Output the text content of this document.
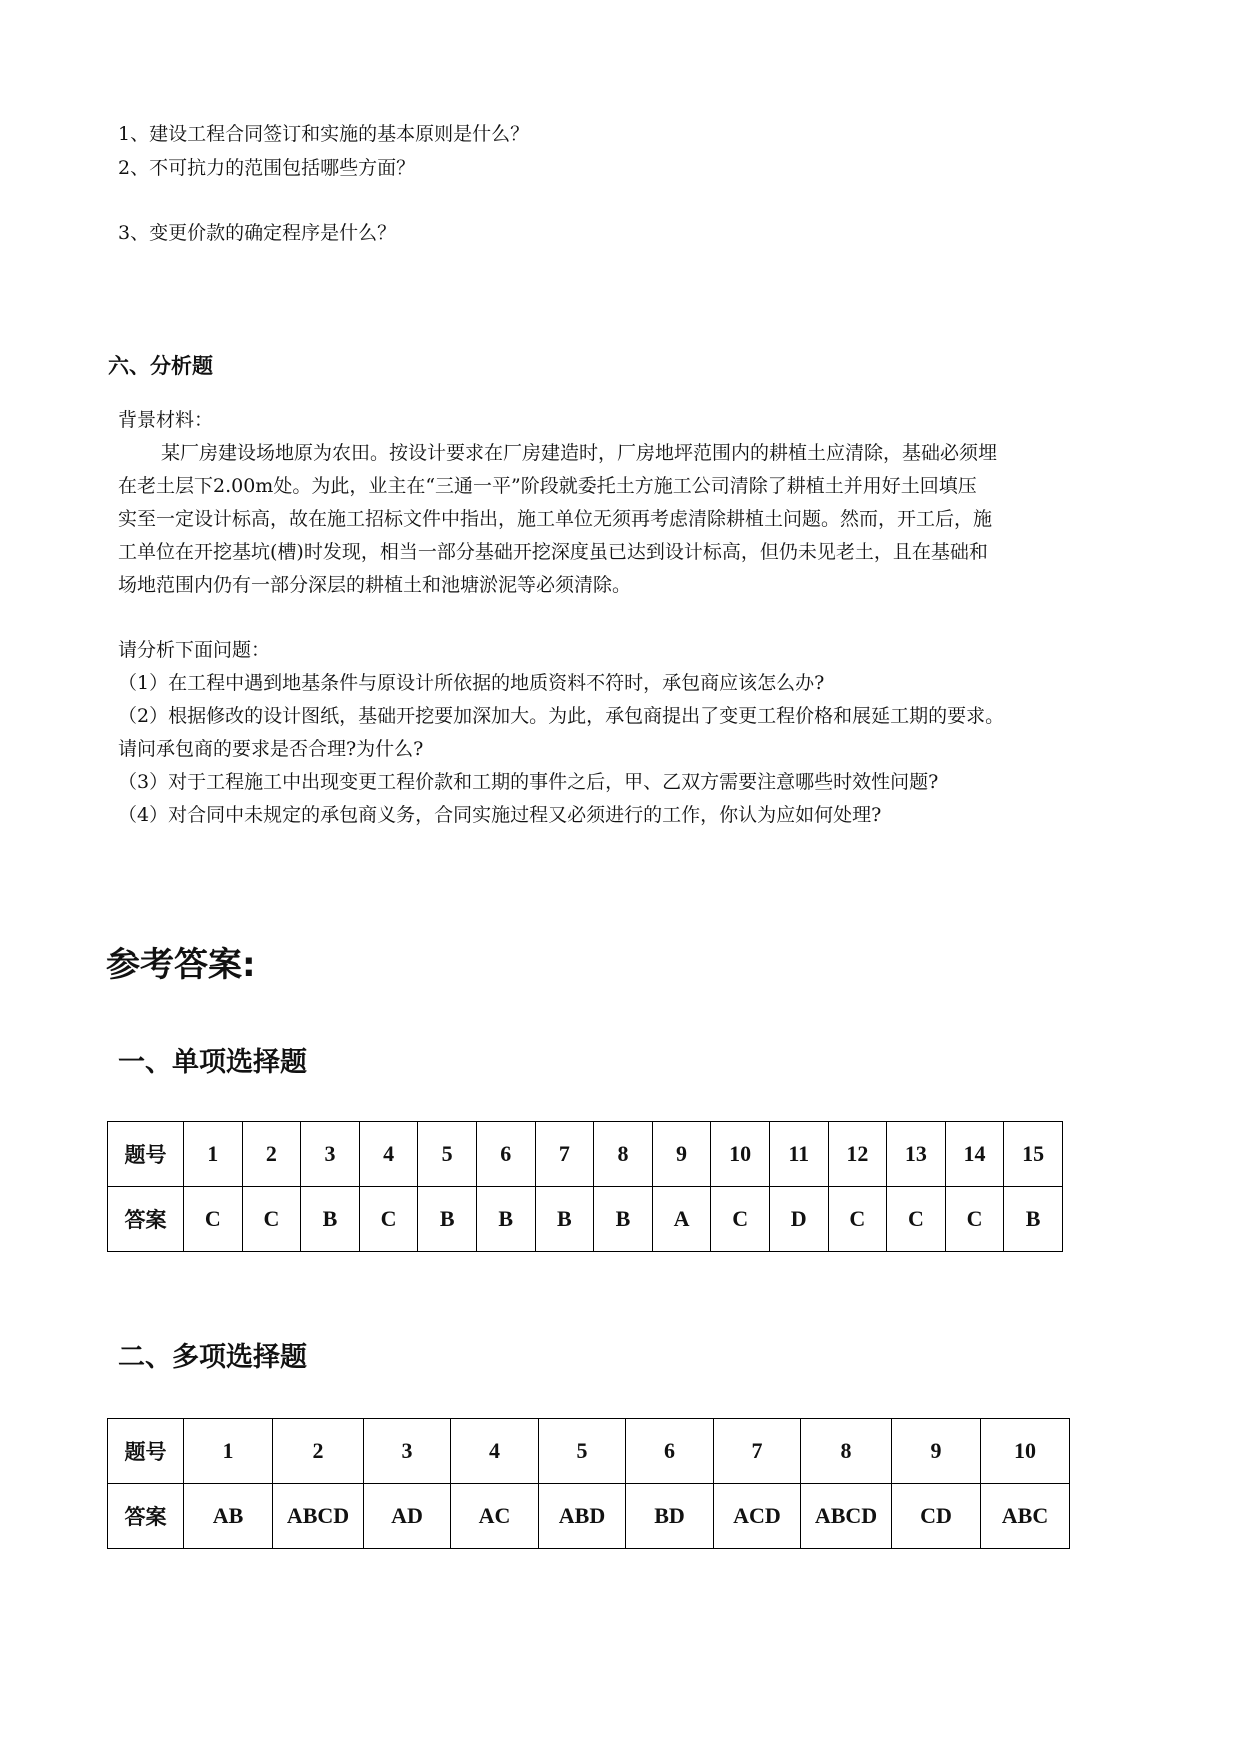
1、建设工程合同签订和实施的基本原则是什么？
2、不可抗力的范围包括哪些方面？
3、变更价款的确定程序是什么？
六、分析题
背景材料：
某厂房建设场地原为农田。按设计要求在厂房建造时，厂房地坪范围内的耕植土应清除，基础必须埋
在老土层下2.00m处。为此，业主在“三通一平”阶段就委托土方施工公司清除了耕植土并用好土回填压
实至一定设计标高，故在施工招标文件中指出，施工单位无须再考虑清除耕植土问题。然而，开工后，施
工单位在开挖基坑(槽)时发现，相当一部分基础开挖深度虽已达到设计标高，但仍未见老土，且在基础和
场地范围内仍有一部分深层的耕植土和池塘淤泥等必须清除。
请分析下面问题：
（1）在工程中遇到地基条件与原设计所依据的地质资料不符时，承包商应该怎么办?
（2）根据修改的设计图纸，基础开挖要加深加大。为此，承包商提出了变更工程价格和展延工期的要求。
请问承包商的要求是否合理?为什么?
（3）对于工程施工中出现变更工程价款和工期的事件之后，甲、乙双方需要注意哪些时效性问题?
（4）对合同中未规定的承包商义务，合同实施过程又必须进行的工作，你认为应如何处理?
参考答案:
一、单项选择题
题号	1	2	3	4	5	6	7	8	9	10	11	12	13	14	15
答案	C	C	B	C	B	B	B	B	A	C	D	C	C	C	B
二、多项选择题
题号	1	2	3	4	5	6	7	8	9	10
答案	AB	ABCD	AD	AC	ABD	BD	ACD	ABCD	CD	ABC
